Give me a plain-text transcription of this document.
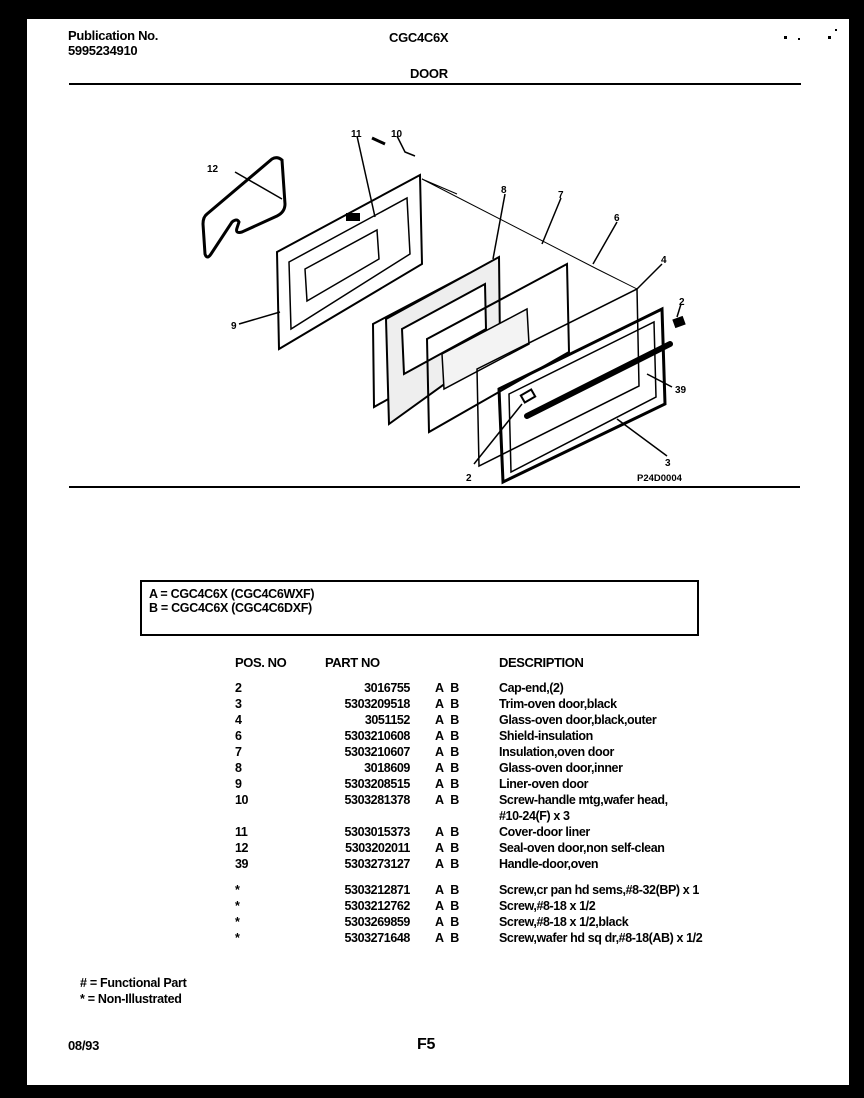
Publication No.
5995234910
CGC4C6X
DOOR
12
11	10
8	7
6
4
2
39
3
2
9
P24D0004
A = CGC4C6X (CGC4C6WXF)
B = CGC4C6X (CGC4C6DXF)
POS. NO	PART NO		DESCRIPTION
2	3016755	A B	Cap-end,(2)
3	5303209518	A B	Trim-oven door,black
4	3051152	A B	Glass-oven door,black,outer
6	5303210608	A B	Shield-insulation
7	5303210607	A B	Insulation,oven door
8	3018609	A B	Glass-oven door,inner
9	5303208515	A B	Liner-oven door
10	5303281378	A B	Screw-handle mtg,wafer head,
			#10-24(F) x 3
11	5303015373	A B	Cover-door liner
12	5303202011	A B	Seal-oven door,non self-clean
39	5303273127	A B	Handle-door,oven

*	5303212871	A B	Screw,cr pan hd sems,#8-32(BP) x 1
*	5303212762	A B	Screw,#8-18 x 1/2
*	5303269859	A B	Screw,#8-18 x 1/2,black
*	5303271648	A B	Screw,wafer hd sq dr,#8-18(AB) x 1/2
# = Functional Part
* = Non-Illustrated
08/93	F5
